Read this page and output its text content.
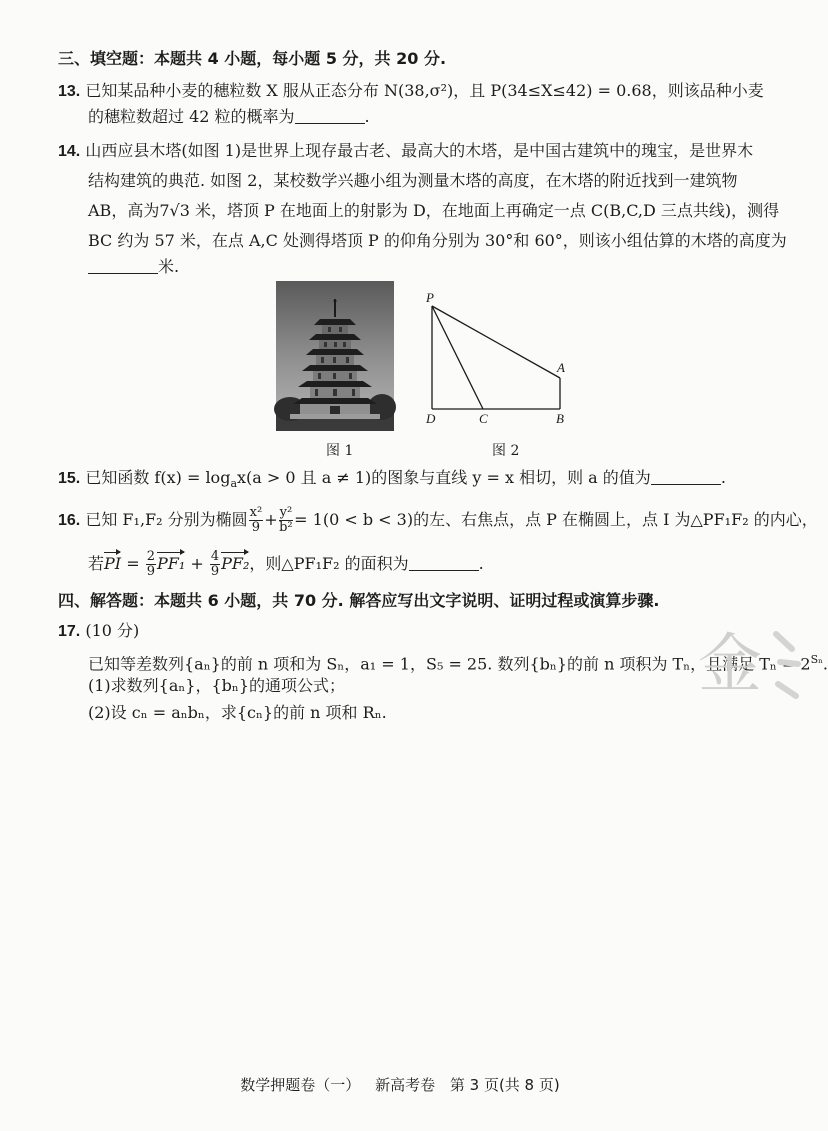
三、填空题：本题共 4 小题，每小题 5 分，共 20 分.
13. 已知某品种小麦的穗粒数 X 服从正态分布 N(38,σ²)，且 P(34≤X≤42) = 0.68，则该品种小麦
的穗粒数超过 42 粒的概率为	.
14. 山西应县木塔(如图 1)是世界上现存最古老、最高大的木塔，是中国古建筑中的瑰宝，是世界木
结构建筑的典范. 如图 2，某校数学兴趣小组为测量木塔的高度，在木塔的附近找到一建筑物
AB，高为7√3 米，塔顶 P 在地面上的射影为 D，在地面上再确定一点 C(B,C,D 三点共线)，测得
BC 约为 57 米，在点 A,C 处测得塔顶 P 的仰角分别为 30°和 60°，则该小组估算的木塔的高度为
米.
图 1
P
A
D	C	B
图 2
15. 已知函数 $f(x) = \log_ax(a > 0$ 且 a ≠ 1)的图象与直线 y = x 相切，则 a 的值为	.
16. 已知 F₁,F₂ 分别为椭圆 $\frac{\text{x²}}{9} + \frac{\text{y²}}{\text{b²}} = 1(0 < b < 3)$的左、右焦点，点 P 在椭圆上，点 I 为△PF₁F₂ 的内心，
若PI = $\frac{2}{9} PF_1 + \frac{4}{9} PF_2$，则△PF₁F₂ 的面积为	.
四、解答题：本题共 6 小题，共 70 分. 解答应写出文字说明、证明过程或演算步骤.
17. (10 分)
已知等差数列{aₙ}的前 n 项和为 Sₙ，a₁ = 1，S₅ = 25. 数列{bₙ}的前 n 项积为 Tₙ，且满足 $T_n = 2^{S_n}$.
(1)求数列{aₙ}，{bₙ}的通项公式；
(2)设 cₙ = aₙbₙ，求{cₙ}的前 n 项和 Rₙ.
金
数学押题卷（一） 新高考卷 第 3 页(共 8 页)
